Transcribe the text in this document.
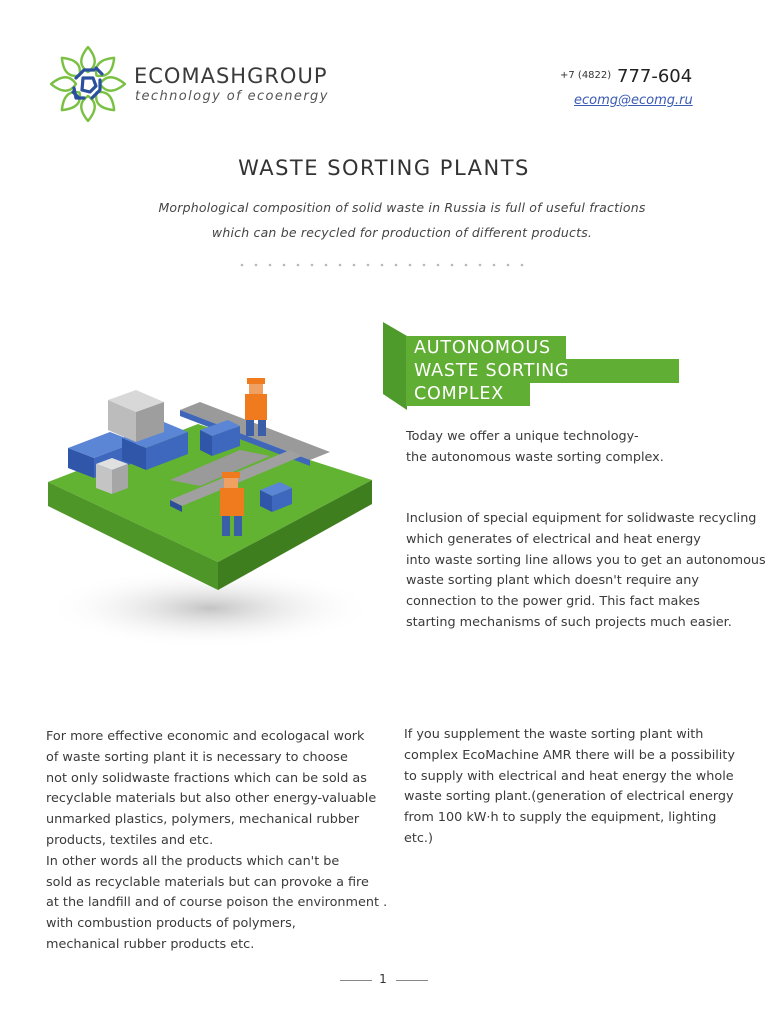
ECOMASHGROUP
technology of ecoenergy
+7 (4822) 777-604
ecomg@ecomg.ru
WASTE SORTING PLANTS
Morphological composition of solid waste in Russia is full of useful fractions
which can be recycled for production of different products.
AUTONOMOUS
WASTE SORTING
COMPLEX
Today we offer a unique technology-
the autonomous waste sorting complex.
Inclusion of special equipment for solidwaste recycling
which generates of electrical and heat energy
into waste sorting line allows you to get an autonomous
waste sorting plant which doesn't require any
connection to the power grid. This fact makes
starting mechanisms of such projects much easier.
For more effective economic and ecologacal work
of waste sorting plant it is necessary to choose
not only solidwaste fractions which can be sold as
recyclable materials but also other energy-valuable
unmarked plastics, polymers, mechanical rubber
products, textiles and etc.
In other words all the products which can't be
sold as recyclable materials but can provoke a fire
at the landfill and of course poison the environment .
with combustion products of polymers,
mechanical rubber products etc.
If you supplement the waste sorting plant with
complex EcoMachine AMR there will be a possibility
to supply with electrical and heat energy the whole
waste sorting plant.(generation of electrical energy
from 100 kW·h to supply the equipment, lighting
etc.)
1
